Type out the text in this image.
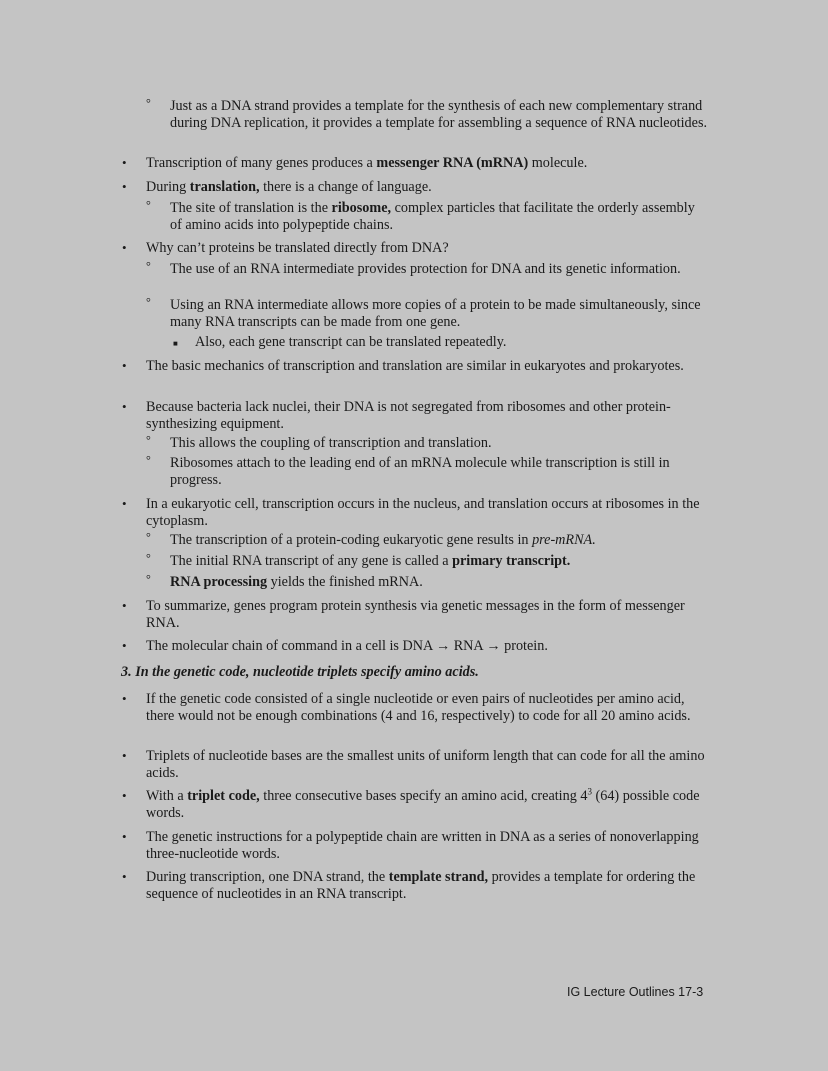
° Just as a DNA strand provides a template for the synthesis of each new complementary strand during DNA replication, it provides a template for assembling a sequence of RNA nucleotides.
• Transcription of many genes produces a messenger RNA (mRNA) molecule.
• During translation, there is a change of language.
° The site of translation is the ribosome, complex particles that facilitate the orderly assembly of amino acids into polypeptide chains.
• Why can’t proteins be translated directly from DNA?
° The use of an RNA intermediate provides protection for DNA and its genetic information.
° Using an RNA intermediate allows more copies of a protein to be made simultaneously, since many RNA transcripts can be made from one gene.
■ Also, each gene transcript can be translated repeatedly.
• The basic mechanics of transcription and translation are similar in eukaryotes and prokaryotes.
• Because bacteria lack nuclei, their DNA is not segregated from ribosomes and other protein-synthesizing equipment.
° This allows the coupling of transcription and translation.
° Ribosomes attach to the leading end of an mRNA molecule while transcription is still in progress.
• In a eukaryotic cell, transcription occurs in the nucleus, and translation occurs at ribosomes in the cytoplasm.
° The transcription of a protein-coding eukaryotic gene results in pre-mRNA.
° The initial RNA transcript of any gene is called a primary transcript.
° RNA processing yields the finished mRNA.
• To summarize, genes program protein synthesis via genetic messages in the form of messenger RNA.
• The molecular chain of command in a cell is DNA → RNA → protein.
• If the genetic code consisted of a single nucleotide or even pairs of nucleotides per amino acid, there would not be enough combinations (4 and 16, respectively) to code for all 20 amino acids.
• Triplets of nucleotide bases are the smallest units of uniform length that can code for all the amino acids.
• With a triplet code, three consecutive bases specify an amino acid, creating $4^3$ (64) possible code words.
• The genetic instructions for a polypeptide chain are written in DNA as a series of nonoverlapping three-nucleotide words.
• During transcription, one DNA strand, the template strand, provides a template for ordering the sequence of nucleotides in an RNA transcript.
3. In the genetic code, nucleotide triplets specify amino acids.
IG Lecture Outlines 17-3
